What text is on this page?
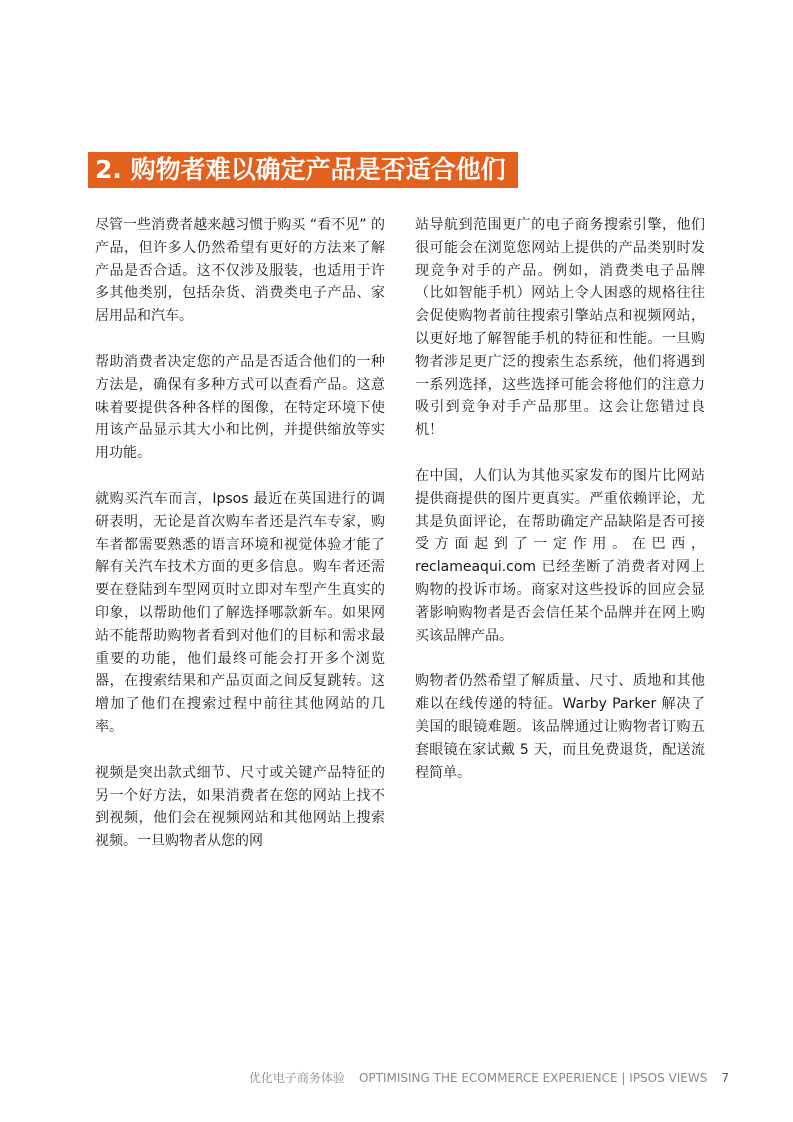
2. 购物者难以确定产品是否适合他们

尽管一些消费者越来越习惯于购买 “看不见” 的产品，但许多人仍然希望有更好的方法来了解产品是否合适。这不仅涉及服装，也适用于许多其他类别，包括杂货、消费类电子产品、家居用品和汽车。

帮助消费者决定您的产品是否适合他们的一种方法是，确保有多种方式可以查看产品。这意味着要提供各种各样的图像，在特定环境下使用该产品显示其大小和比例，并提供缩放等实用功能。

就购买汽车而言，Ipsos 最近在英国进行的调研表明，无论是首次购车者还是汽车专家，购车者都需要熟悉的语言环境和视觉体验才能了解有关汽车技术方面的更多信息。购车者还需要在登陆到车型网页时立即对车型产生真实的印象，以帮助他们了解选择哪款新车。如果网站不能帮助购物者看到对他们的目标和需求最重要的功能，他们最终可能会打开多个浏览器，在搜索结果和产品页面之间反复跳转。这增加了他们在搜索过程中前往其他网站的几率。

视频是突出款式细节、尺寸或关键产品特征的另一个好方法，如果消费者在您的网站上找不到视频，他们会在视频网站和其他网站上搜索视频。一旦购物者从您的网

站导航到范围更广的电子商务搜索引擎，他们很可能会在浏览您网站上提供的产品类别时发现竞争对手的产品。例如，消费类电子品牌（比如智能手机）网站上令人困惑的规格往往会促使购物者前往搜索引擎站点和视频网站，以更好地了解智能手机的特征和性能。一旦购物者涉足更广泛的搜索生态系统，他们将遇到一系列选择，这些选择可能会将他们的注意力吸引到竞争对手产品那里。这会让您错过良机！

在中国，人们认为其他买家发布的图片比网站提供商提供的图片更真实。严重依赖评论，尤其是负面评论，在帮助确定产品缺陷是否可接受方面起到了一定作用。在巴西，reclameaqui.com 已经垄断了消费者对网上购物的投诉市场。商家对这些投诉的回应会显著影响购物者是否会信任某个品牌并在网上购买该品牌产品。

购物者仍然希望了解质量、尺寸、质地和其他难以在线传递的特征。Warby Parker 解决了美国的眼镜难题。该品牌通过让购物者订购五套眼镜在家试戴 5 天，而且免费退货，配送流程简单。

优化电子商务体验 OPTIMISING THE ECOMMERCE EXPERIENCE | IPSOS VIEWS 7
